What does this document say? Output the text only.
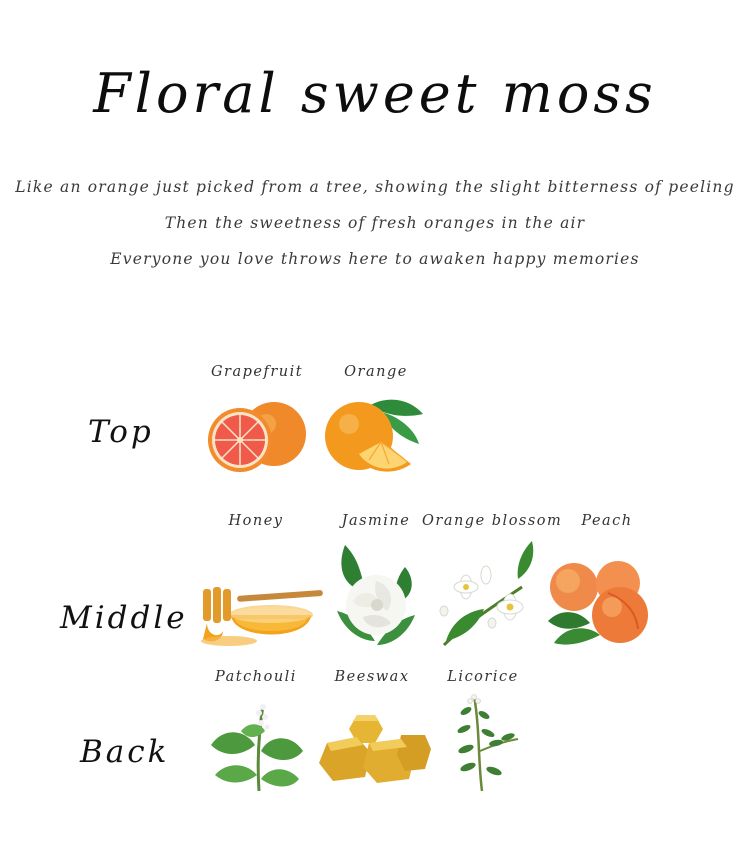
Floral sweet moss
Like an orange just picked from a tree, showing the slight bitterness of peeling
Then the sweetness of fresh oranges in the air
Everyone you love throws here to awaken happy memories
Top
Grapefruit	Orange
Middle
Honey	Jasmine Orange blossom	Peach
Back
Patchouli	Beeswax	Licorice
